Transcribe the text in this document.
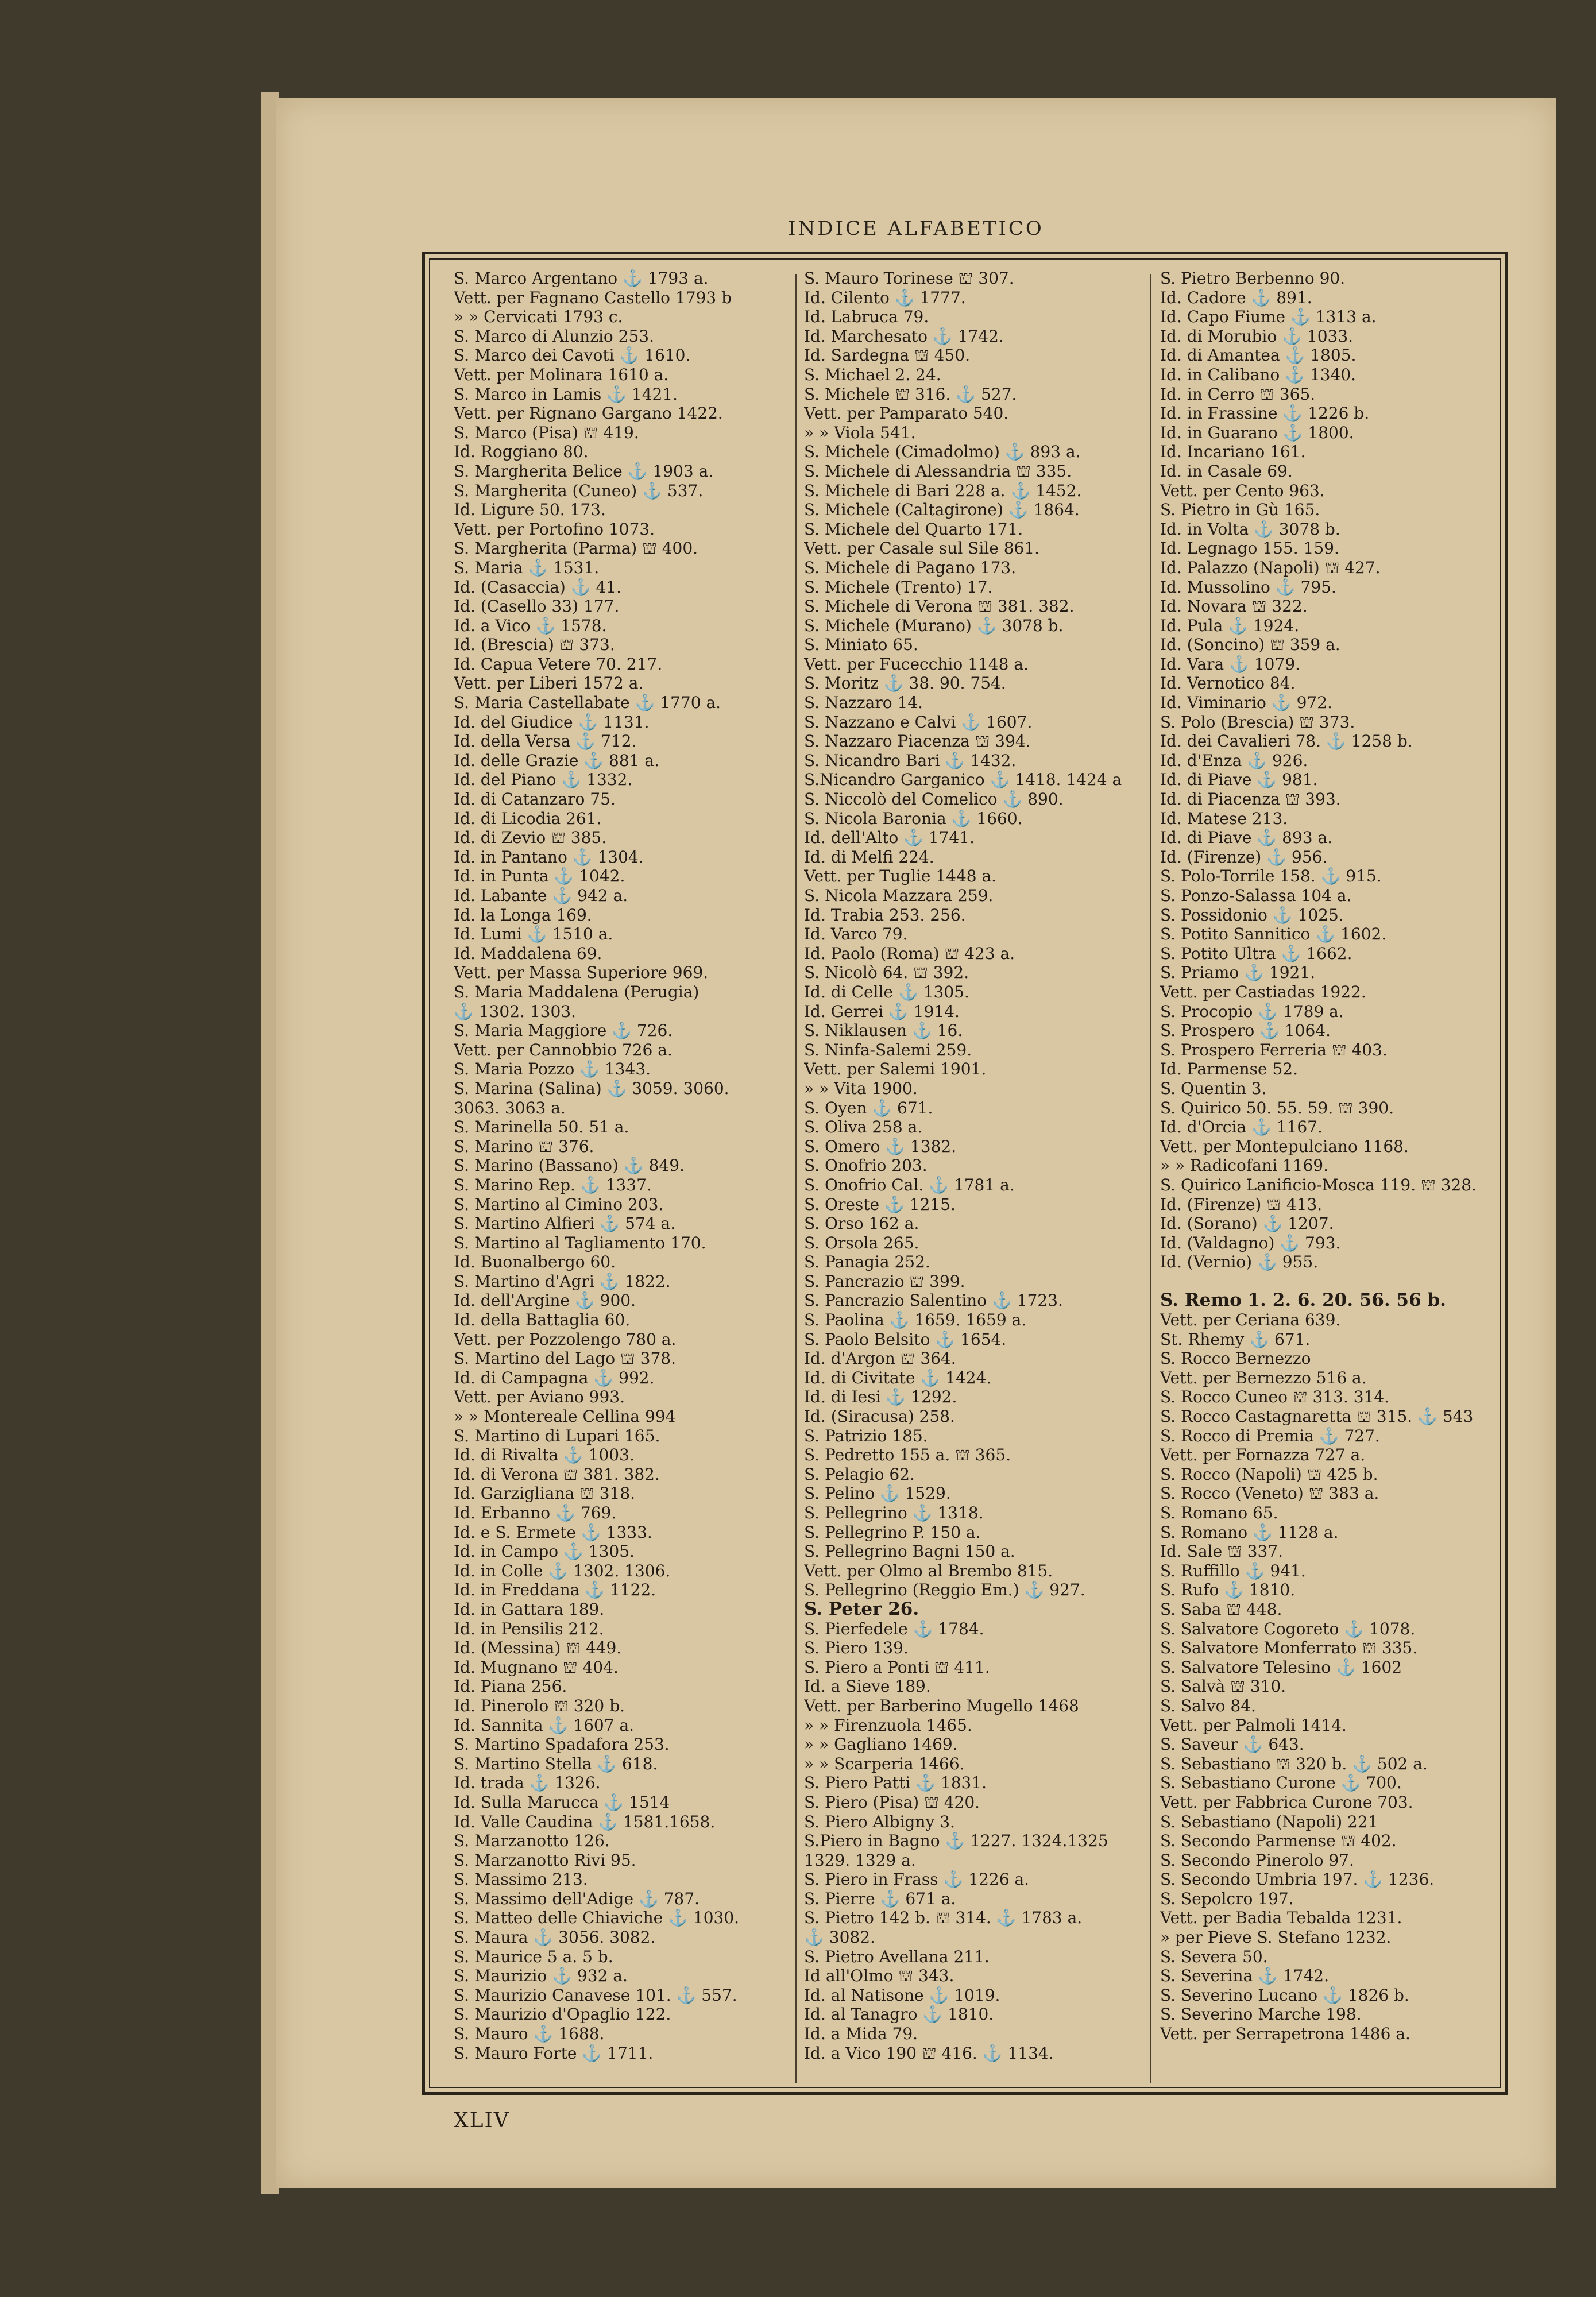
INDICE ALFABETICO
S. Marco Argentano ⚓ 1793 a.
Vett. per Fagnano Castello 1793 b
» » Cervicati 1793 c.
S. Marco di Alunzio 253.
S. Marco dei Cavoti ⚓ 1610.
Vett. per Molinara 1610 a.
S. Marco in Lamis ⚓ 1421.
Vett. per Rignano Gargano 1422.
S. Marco (Pisa) ⛫ 419.
Id. Roggiano 80.
S. Margherita Belice ⚓ 1903 a.
S. Margherita (Cuneo) ⚓ 537.
Id. Ligure 50. 173.
Vett. per Portofino 1073.
S. Margherita (Parma) ⛫ 400.
S. Maria ⚓ 1531.
Id. (Casaccia) ⚓ 41.
Id. (Casello 33) 177.
Id. a Vico ⚓ 1578.
Id. (Brescia) ⛫ 373.
Id. Capua Vetere 70. 217.
Vett. per Liberi 1572 a.
S. Maria Castellabate ⚓ 1770 a.
Id. del Giudice ⚓ 1131.
Id. della Versa ⚓ 712.
Id. delle Grazie ⚓ 881 a.
Id. del Piano ⚓ 1332.
Id. di Catanzaro 75.
Id. di Licodia 261.
Id. di Zevio ⛫ 385.
Id. in Pantano ⚓ 1304.
Id. in Punta ⚓ 1042.
Id. Labante ⚓ 942 a.
Id. la Longa 169.
Id. Lumi ⚓ 1510 a.
Id. Maddalena 69.
Vett. per Massa Superiore 969.
S. Maria Maddalena (Perugia)
⚓ 1302. 1303.
S. Maria Maggiore ⚓ 726.
Vett. per Cannobbio 726 a.
S. Maria Pozzo ⚓ 1343.
S. Marina (Salina) ⚓ 3059. 3060.
3063. 3063 a.
S. Marinella 50. 51 a.
S. Marino ⛫ 376.
S. Marino (Bassano) ⚓ 849.
S. Marino Rep. ⚓ 1337.
S. Martino al Cimino 203.
S. Martino Alfieri ⚓ 574 a.
S. Martino al Tagliamento 170.
Id. Buonalbergo 60.
S. Martino d'Agri ⚓ 1822.
Id. dell'Argine ⚓ 900.
Id. della Battaglia 60.
Vett. per Pozzolengo 780 a.
S. Martino del Lago ⛫ 378.
Id. di Campagna ⚓ 992.
Vett. per Aviano 993.
» » Montereale Cellina 994
S. Martino di Lupari 165.
Id. di Rivalta ⚓ 1003.
Id. di Verona ⛫ 381. 382.
Id. Garzigliana ⛫ 318.
Id. Erbanno ⚓ 769.
Id. e S. Ermete ⚓ 1333.
Id. in Campo ⚓ 1305.
Id. in Colle ⚓ 1302. 1306.
Id. in Freddana ⚓ 1122.
Id. in Gattara 189.
Id. in Pensilis 212.
Id. (Messina) ⛫ 449.
Id. Mugnano ⛫ 404.
Id. Piana 256.
Id. Pinerolo ⛫ 320 b.
Id. Sannita ⚓ 1607 a.
S. Martino Spadafora 253.
S. Martino Stella ⚓ 618.
Id. trada ⚓ 1326.
Id. Sulla Marucca ⚓ 1514
Id. Valle Caudina ⚓ 1581.1658.
S. Marzanotto 126.
S. Marzanotto Rivi 95.
S. Massimo 213.
S. Massimo dell'Adige ⚓ 787.
S. Matteo delle Chiaviche ⚓ 1030.
S. Maura ⚓ 3056. 3082.
S. Maurice 5 a. 5 b.
S. Maurizio ⚓ 932 a.
S. Maurizio Canavese 101. ⚓ 557.
S. Maurizio d'Opaglio 122.
S. Mauro ⚓ 1688.
S. Mauro Forte ⚓ 1711.
S. Mauro Torinese ⛫ 307.
Id. Cilento ⚓ 1777.
Id. Labruca 79.
Id. Marchesato ⚓ 1742.
Id. Sardegna ⛫ 450.
S. Michael 2. 24.
S. Michele ⛫ 316. ⚓ 527.
Vett. per Pamparato 540.
» » Viola 541.
S. Michele (Cimadolmo) ⚓ 893 a.
S. Michele di Alessandria ⛫ 335.
S. Michele di Bari 228 a. ⚓ 1452.
S. Michele (Caltagirone) ⚓ 1864.
S. Michele del Quarto 171.
Vett. per Casale sul Sile 861.
S. Michele di Pagano 173.
S. Michele (Trento) 17.
S. Michele di Verona ⛫ 381. 382.
S. Michele (Murano) ⚓ 3078 b.
S. Miniato 65.
Vett. per Fucecchio 1148 a.
S. Moritz ⚓ 38. 90. 754.
S. Nazzaro 14.
S. Nazzano e Calvi ⚓ 1607.
S. Nazzaro Piacenza ⛫ 394.
S. Nicandro Bari ⚓ 1432.
S.Nicandro Garganico ⚓ 1418. 1424 a
S. Niccolò del Comelico ⚓ 890.
S. Nicola Baronia ⚓ 1660.
Id. dell'Alto ⚓ 1741.
Id. di Melfi 224.
Vett. per Tuglie 1448 a.
S. Nicola Mazzara 259.
Id. Trabia 253. 256.
Id. Varco 79.
Id. Paolo (Roma) ⛫ 423 a.
S. Nicolò 64. ⛫ 392.
Id. di Celle ⚓ 1305.
Id. Gerrei ⚓ 1914.
S. Niklausen ⚓ 16.
S. Ninfa-Salemi 259.
Vett. per Salemi 1901.
» » Vita 1900.
S. Oyen ⚓ 671.
S. Oliva 258 a.
S. Omero ⚓ 1382.
S. Onofrio 203.
S. Onofrio Cal. ⚓ 1781 a.
S. Oreste ⚓ 1215.
S. Orso 162 a.
S. Orsola 265.
S. Panagia 252.
S. Pancrazio ⛫ 399.
S. Pancrazio Salentino ⚓ 1723.
S. Paolina ⚓ 1659. 1659 a.
S. Paolo Belsito ⚓ 1654.
Id. d'Argon ⛫ 364.
Id. di Civitate ⚓ 1424.
Id. di Iesi ⚓ 1292.
Id. (Siracusa) 258.
S. Patrizio 185.
S. Pedretto 155 a. ⛫ 365.
S. Pelagio 62.
S. Pelino ⚓ 1529.
S. Pellegrino ⚓ 1318.
S. Pellegrino P. 150 a.
S. Pellegrino Bagni 150 a.
Vett. per Olmo al Brembo 815.
S. Pellegrino (Reggio Em.) ⚓ 927.
S. Peter 26.
S. Pierfedele ⚓ 1784.
S. Piero 139.
S. Piero a Ponti ⛫ 411.
Id. a Sieve 189.
Vett. per Barberino Mugello 1468
» » Firenzuola 1465.
» » Gagliano 1469.
» » Scarperia 1466.
S. Piero Patti ⚓ 1831.
S. Piero (Pisa) ⛫ 420.
S. Piero Albigny 3.
S.Piero in Bagno ⚓ 1227. 1324.1325
1329. 1329 a.
S. Piero in Frass ⚓ 1226 a.
S. Pierre ⚓ 671 a.
S. Pietro 142 b. ⛫ 314. ⚓ 1783 a.
⚓ 3082.
S. Pietro Avellana 211.
Id all'Olmo ⛫ 343.
Id. al Natisone ⚓ 1019.
Id. al Tanagro ⚓ 1810.
Id. a Mida 79.
Id. a Vico 190 ⛫ 416. ⚓ 1134.
S. Pietro Berbenno 90.
Id. Cadore ⚓ 891.
Id. Capo Fiume ⚓ 1313 a.
Id. di Morubio ⚓ 1033.
Id. di Amantea ⚓ 1805.
Id. in Calibano ⚓ 1340.
Id. in Cerro ⛫ 365.
Id. in Frassine ⚓ 1226 b.
Id. in Guarano ⚓ 1800.
Id. Incariano 161.
Id. in Casale 69.
Vett. per Cento 963.
S. Pietro in Gù 165.
Id. in Volta ⚓ 3078 b.
Id. Legnago 155. 159.
Id. Palazzo (Napoli) ⛫ 427.
Id. Mussolino ⚓ 795.
Id. Novara ⛫ 322.
Id. Pula ⚓ 1924.
Id. (Soncino) ⛫ 359 a.
Id. Vara ⚓ 1079.
Id. Vernotico 84.
Id. Viminario ⚓ 972.
S. Polo (Brescia) ⛫ 373.
Id. dei Cavalieri 78. ⚓ 1258 b.
Id. d'Enza ⚓ 926.
Id. di Piave ⚓ 981.
Id. di Piacenza ⛫ 393.
Id. Matese 213.
Id. di Piave ⚓ 893 a.
Id. (Firenze) ⚓ 956.
S. Polo-Torrile 158. ⚓ 915.
S. Ponzo-Salassa 104 a.
S. Possidonio ⚓ 1025.
S. Potito Sannitico ⚓ 1602.
S. Potito Ultra ⚓ 1662.
S. Priamo ⚓ 1921.
Vett. per Castiadas 1922.
S. Procopio ⚓ 1789 a.
S. Prospero ⚓ 1064.
S. Prospero Ferreria ⛫ 403.
Id. Parmense 52.
S. Quentin 3.
S. Quirico 50. 55. 59. ⛫ 390.
Id. d'Orcia ⚓ 1167.
Vett. per Montepulciano 1168.
» » Radicofani 1169.
S. Quirico Lanificio-Mosca 119. ⛫ 328.
Id. (Firenze) ⛫ 413.
Id. (Sorano) ⚓ 1207.
Id. (Valdagno) ⚓ 793.
Id. (Vernio) ⚓ 955.
S. Remo 1. 2. 6. 20. 56. 56 b.
Vett. per Ceriana 639.
St. Rhemy ⚓ 671.
S. Rocco Bernezzo
Vett. per Bernezzo 516 a.
S. Rocco Cuneo ⛫ 313. 314.
S. Rocco Castagnaretta ⛫ 315. ⚓ 543
S. Rocco di Premia ⚓ 727.
Vett. per Fornazza 727 a.
S. Rocco (Napoli) ⛫ 425 b.
S. Rocco (Veneto) ⛫ 383 a.
S. Romano 65.
S. Romano ⚓ 1128 a.
Id. Sale ⛫ 337.
S. Ruffillo ⚓ 941.
S. Rufo ⚓ 1810.
S. Saba ⛫ 448.
S. Salvatore Cogoreto ⚓ 1078.
S. Salvatore Monferrato ⛫ 335.
S. Salvatore Telesino ⚓ 1602
S. Salvà ⛫ 310.
S. Salvo 84.
Vett. per Palmoli 1414.
S. Saveur ⚓ 643.
S. Sebastiano ⛫ 320 b. ⚓ 502 a.
S. Sebastiano Curone ⚓ 700.
Vett. per Fabbrica Curone 703.
S. Sebastiano (Napoli) 221
S. Secondo Parmense ⛫ 402.
S. Secondo Pinerolo 97.
S. Secondo Umbria 197. ⚓ 1236.
S. Sepolcro 197.
Vett. per Badia Tebalda 1231.
» per Pieve S. Stefano 1232.
S. Severa 50.
S. Severina ⚓ 1742.
S. Severino Lucano ⚓ 1826 b.
S. Severino Marche 198.
Vett. per Serrapetrona 1486 a.
XLIV
